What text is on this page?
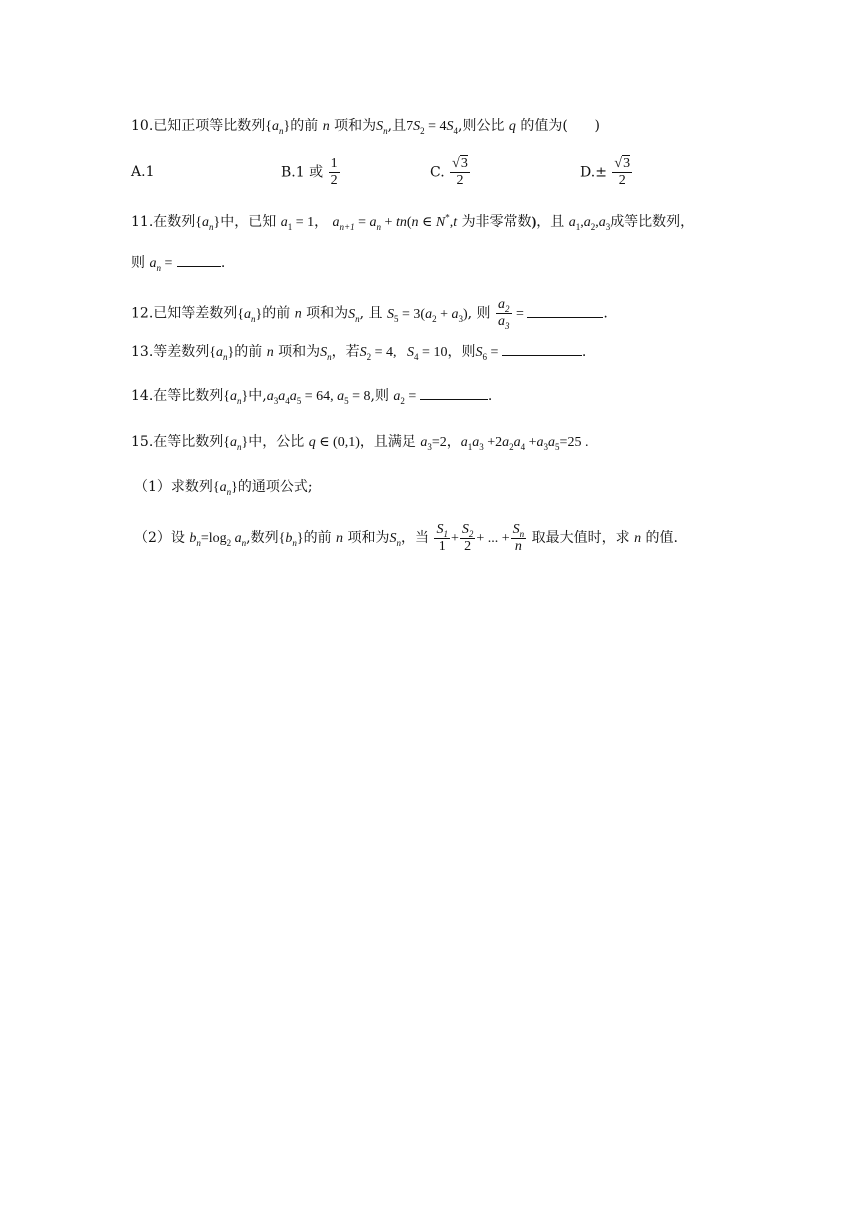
10.已知正项等比数列$\{a_n\}$的前 n 项和为$S_n$,且$7S_2 = 4S_4$,则公比 q 的值为( )
A.1	B.1 或 $\frac{1}{2}$	C. $\frac{√3}{2}$	$D.\pm \frac{√3}{2}$
11.在数列$\{a_n\}$中，已知 $a_1 = 1$， $a_{n+1} = a_n + tn(n$ ∈ N*,t 为非零常数)，且 $a_1,a_2,a_3$成等比数列，
则 $a_n$ =	.
12.已知等差数列$\{a_n\}$的前 n 项和为$S_n$, 且 $S_5 = 3(a_2 + a_3)$, 则 $\frac{a_2}{a_3}$ =	.
13.等差数列$\{a_n\}$的前 n 项和为$S_n$，若$S_2 = 4$,   $S_4 = 10$，则$S_6$ =	.
14.在等比数列$\{a_n\}$中$,a_3a_4a_5 = 64$, $a_5 = 8$,则 $a_2$ =	.
15.在等比数列$\{a_n\}$中，公比 q ∈ (0,1)，且满足 $a_3=2$，$a_1a_3 +2a_2a_4 +a_3a_5=25$ .
（1）求数列$\{a_n\}$的通项公式;
（2）设 $b_n=\log_2$ $a_n$,数列$\{b_n\}$的前 n 项和为$S_n$，当 $\frac{S_1}{1} + \frac{S_2}{2}$ + ... + $\frac{S_n}{n}$ 取最大值时，求 n 的值.
